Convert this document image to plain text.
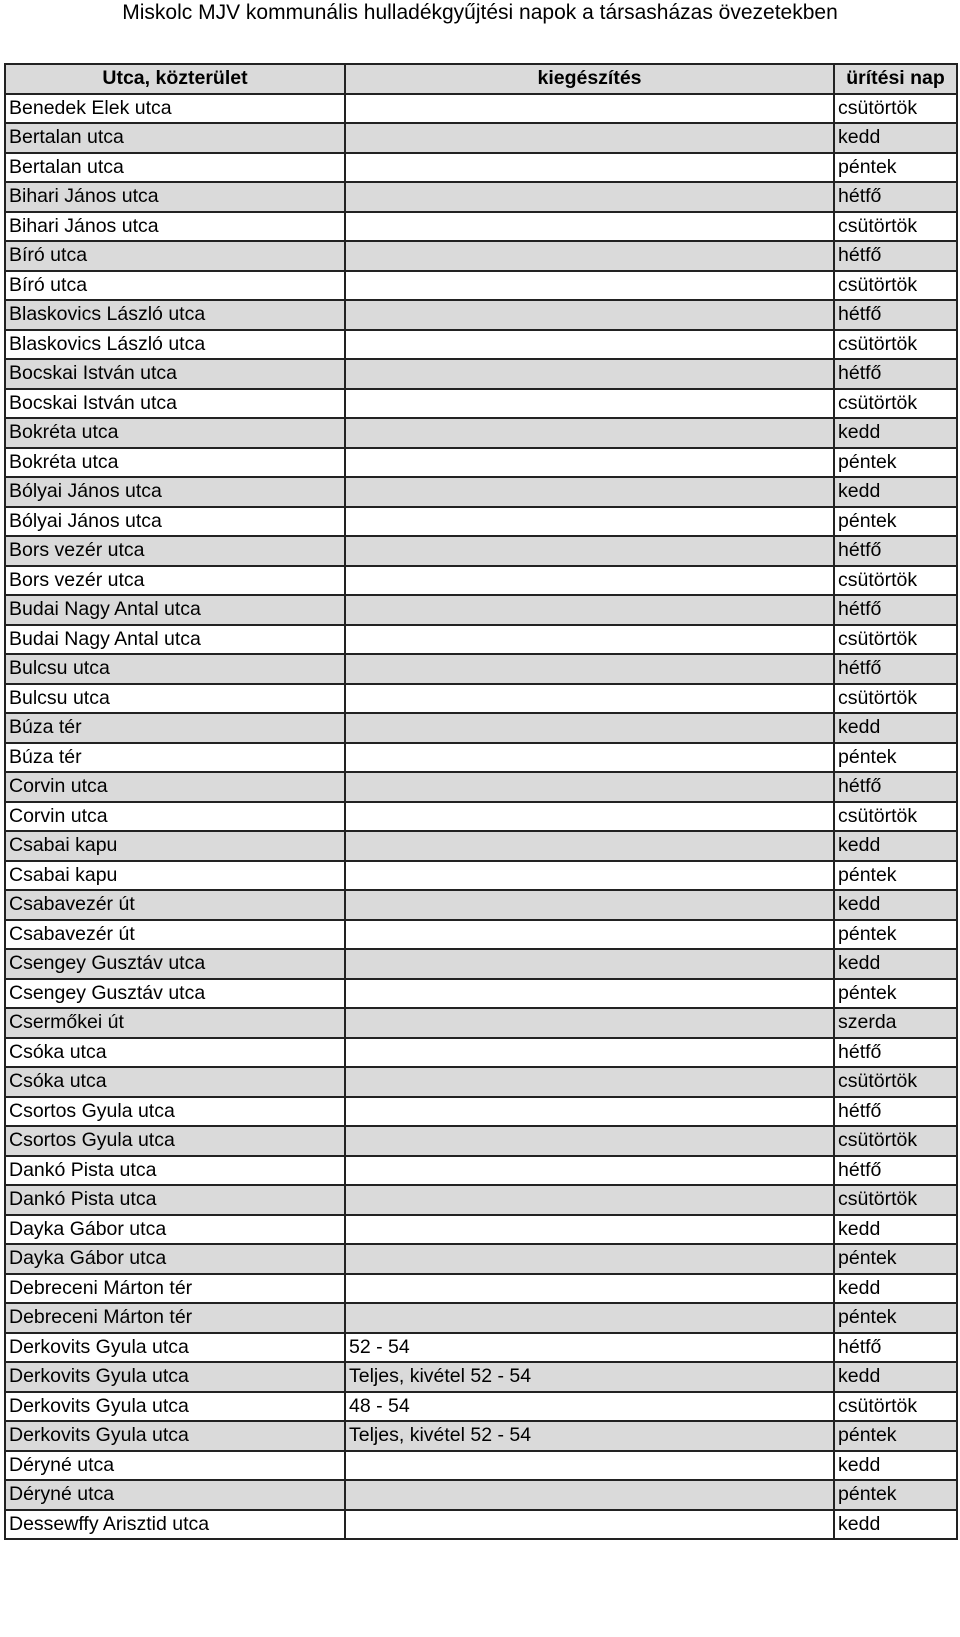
Miskolc MJV kommunális hulladékgyűjtési napok a társasházas övezetekben
Utca, közterület	kiegészítés	ürítési nap
Benedek Elek utca		csütörtök
Bertalan utca		kedd
Bertalan utca		péntek
Bihari János utca		hétfő
Bihari János utca		csütörtök
Bíró utca		hétfő
Bíró utca		csütörtök
Blaskovics László utca		hétfő
Blaskovics László utca		csütörtök
Bocskai István utca		hétfő
Bocskai István utca		csütörtök
Bokréta utca		kedd
Bokréta utca		péntek
Bólyai János utca		kedd
Bólyai János utca		péntek
Bors vezér utca		hétfő
Bors vezér utca		csütörtök
Budai Nagy Antal utca		hétfő
Budai Nagy Antal utca		csütörtök
Bulcsu utca		hétfő
Bulcsu utca		csütörtök
Búza tér		kedd
Búza tér		péntek
Corvin utca		hétfő
Corvin utca		csütörtök
Csabai kapu		kedd
Csabai kapu		péntek
Csabavezér út		kedd
Csabavezér út		péntek
Csengey Gusztáv utca		kedd
Csengey Gusztáv utca		péntek
Csermőkei út		szerda
Csóka utca		hétfő
Csóka utca		csütörtök
Csortos Gyula utca		hétfő
Csortos Gyula utca		csütörtök
Dankó Pista utca		hétfő
Dankó Pista utca		csütörtök
Dayka Gábor utca		kedd
Dayka Gábor utca		péntek
Debreceni Márton tér		kedd
Debreceni Márton tér		péntek
Derkovits Gyula utca	52 - 54	hétfő
Derkovits Gyula utca	Teljes, kivétel 52 - 54	kedd
Derkovits Gyula utca	48 - 54	csütörtök
Derkovits Gyula utca	Teljes, kivétel 52 - 54	péntek
Déryné utca		kedd
Déryné utca		péntek
Dessewffy Arisztid utca		kedd
